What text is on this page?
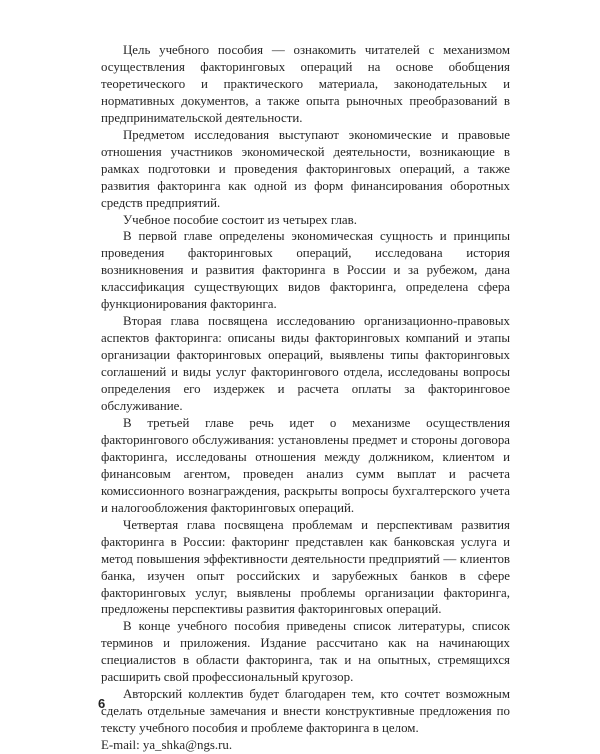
Цель учебного пособия — ознакомить читателей с механизмом осуществления факторинговых операций на основе обобщения теоретического и практического материала, законодательных и нормативных документов, а также опыта рыночных преобразований в предпринимательской деятельности.

Предметом исследования выступают экономические и правовые отношения участников экономической деятельности, возникающие в рамках подготовки и проведения факторинговых операций, а также развития факторинга как одной из форм финансирования оборотных средств предприятий.

Учебное пособие состоит из четырех глав.

В первой главе определены экономическая сущность и принципы проведения факторинговых операций, исследована история возникновения и развития факторинга в России и за рубежом, дана классификация существующих видов факторинга, определена сфера функционирования факторинга.

Вторая глава посвящена исследованию организационно-правовых аспектов факторинга: описаны виды факторинговых компаний и этапы организации факторинговых операций, выявлены типы факторинговых соглашений и виды услуг факторингового отдела, исследованы вопросы определения его издержек и расчета оплаты за факторинговое обслуживание.

В третьей главе речь идет о механизме осуществления факторингового обслуживания: установлены предмет и стороны договора факторинга, исследованы отношения между должником, клиентом и финансовым агентом, проведен анализ сумм выплат и расчета комиссионного вознаграждения, раскрыты вопросы бухгалтерского учета и налогообложения факторинговых операций.

Четвертая глава посвящена проблемам и перспективам развития факторинга в России: факторинг представлен как банковская услуга и метод повышения эффективности деятельности предприятий — клиентов банка, изучен опыт российских и зарубежных банков в сфере факторинговых услуг, выявлены проблемы организации факторинга, предложены перспективы развития факторинговых операций.

В конце учебного пособия приведены список литературы, список терминов и приложения. Издание рассчитано как на начинающих специалистов в области факторинга, так и на опытных, стремящихся расширить свой профессиональный кругозор.

Авторский коллектив будет благодарен тем, кто сочтет возможным сделать отдельные замечания и внести конструктивные предложения по тексту учебного пособия и проблеме факторинга в целом.
E-mail: ya_shka@ngs.ru.

6
